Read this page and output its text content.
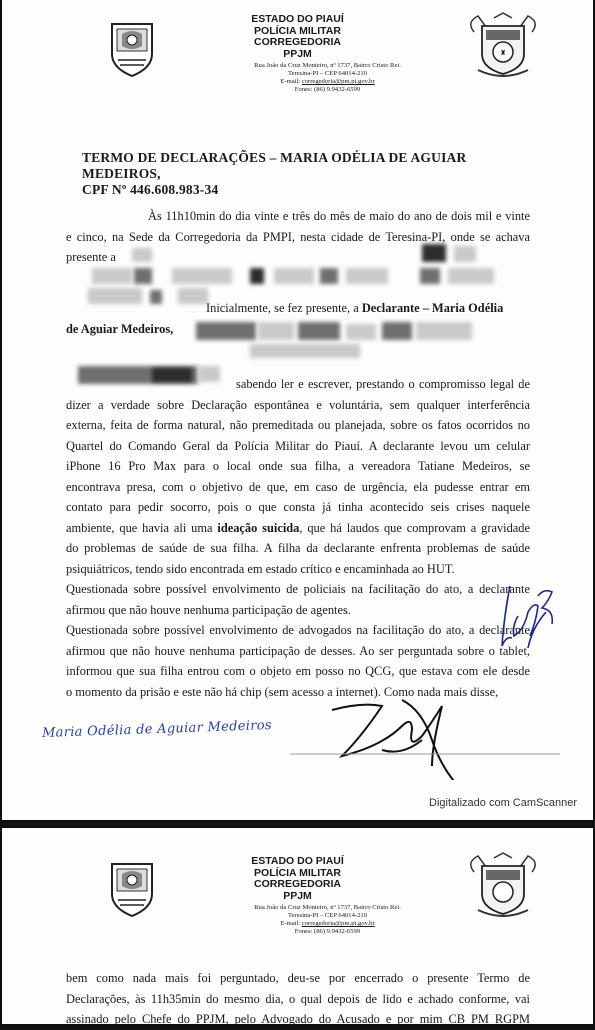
♜
ESTADO DO PIAUÍ
POLÍCIA MILITAR
CORREGEDORIA
PPJM
Rua João da Cruz Monteiro, nº 1737, Bairro Cristo Rei.
Teresina-PI – CEP 64014-210
E-mail: corregedoria@pm.pi.gov.br
Fones: (86) 9.9432-6599
TERMO DE DECLARAÇÕES – MARIA ODÉLIA DE AGUIAR MEDEIROS,
CPF Nº 446.608.983-34
Às 11h10min do dia vinte e três do mês de maio do ano de dois mil e vinte
e cinco, na Sede da Corregedoria da PMPI, nesta cidade de Teresina-PI, onde se achava
presente a
Inicialmente, se fez presente, a Declarante – Maria Odélia
de Aguiar Medeiros,
sabendo ler e escrever, prestando o compromisso legal de
dizer a verdade sobre Declaração espontânea e voluntária, sem qualquer interferência
externa, feita de forma natural, não premeditada ou planejada, sobre os fatos ocorridos no
Quartel do Comando Geral da Polícia Militar do Piauí. A declarante levou um celular
iPhone 16 Pro Max para o local onde sua filha, a vereadora Tatiane Medeiros, se
encontrava presa, com o objetivo de que, em caso de urgência, ela pudesse entrar em
contato para pedir socorro, pois o que consta já tinha acontecido seis crises naquele
ambiente, que havia ali uma ideação suicida, que há laudos que comprovam a gravidade
do problemas de saúde de sua filha. A filha da declarante enfrenta problemas de saúde
psiquiátricos, tendo sido encontrada em estado crítico e encaminhada ao HUT.
Questionada sobre possível envolvimento de policiais na facilitação do ato, a declarante
afirmou que não houve nenhuma participação de agentes.
Questionada sobre possível envolvimento de advogados na facilitação do ato, a declarante
afirmou que não houve nenhuma participação de desses. Ao ser perguntada sobre o tablet,
informou que sua filha entrou com o objeto em posso no QCG, que estava com ele desde
o momento da prisão e este não há chip (sem acesso a internet). Como nada mais disse,
Maria Odélia de Aguiar Medeiros
Digitalizado com CamScanner
ESTADO DO PIAUÍ
POLÍCIA MILITAR
CORREGEDORIA
PPJM
Rua João da Cruz Monteiro, nº 1737, Bairro Cristo Rei.
Teresina-PI – CEP 64014-210
E-mail: corregedoria@pm.pi.gov.br
Fones: (86) 9.9432-6599
bem como nada mais foi perguntado, deu-se por encerrado o presente Termo de
Declarações, às 11h35min do mesmo dia, o qual depois de lido e achado conforme, vai
assinado pelo Chefe do PPJM, pelo Advogado do Acusado e por mim CB PM RGPM
